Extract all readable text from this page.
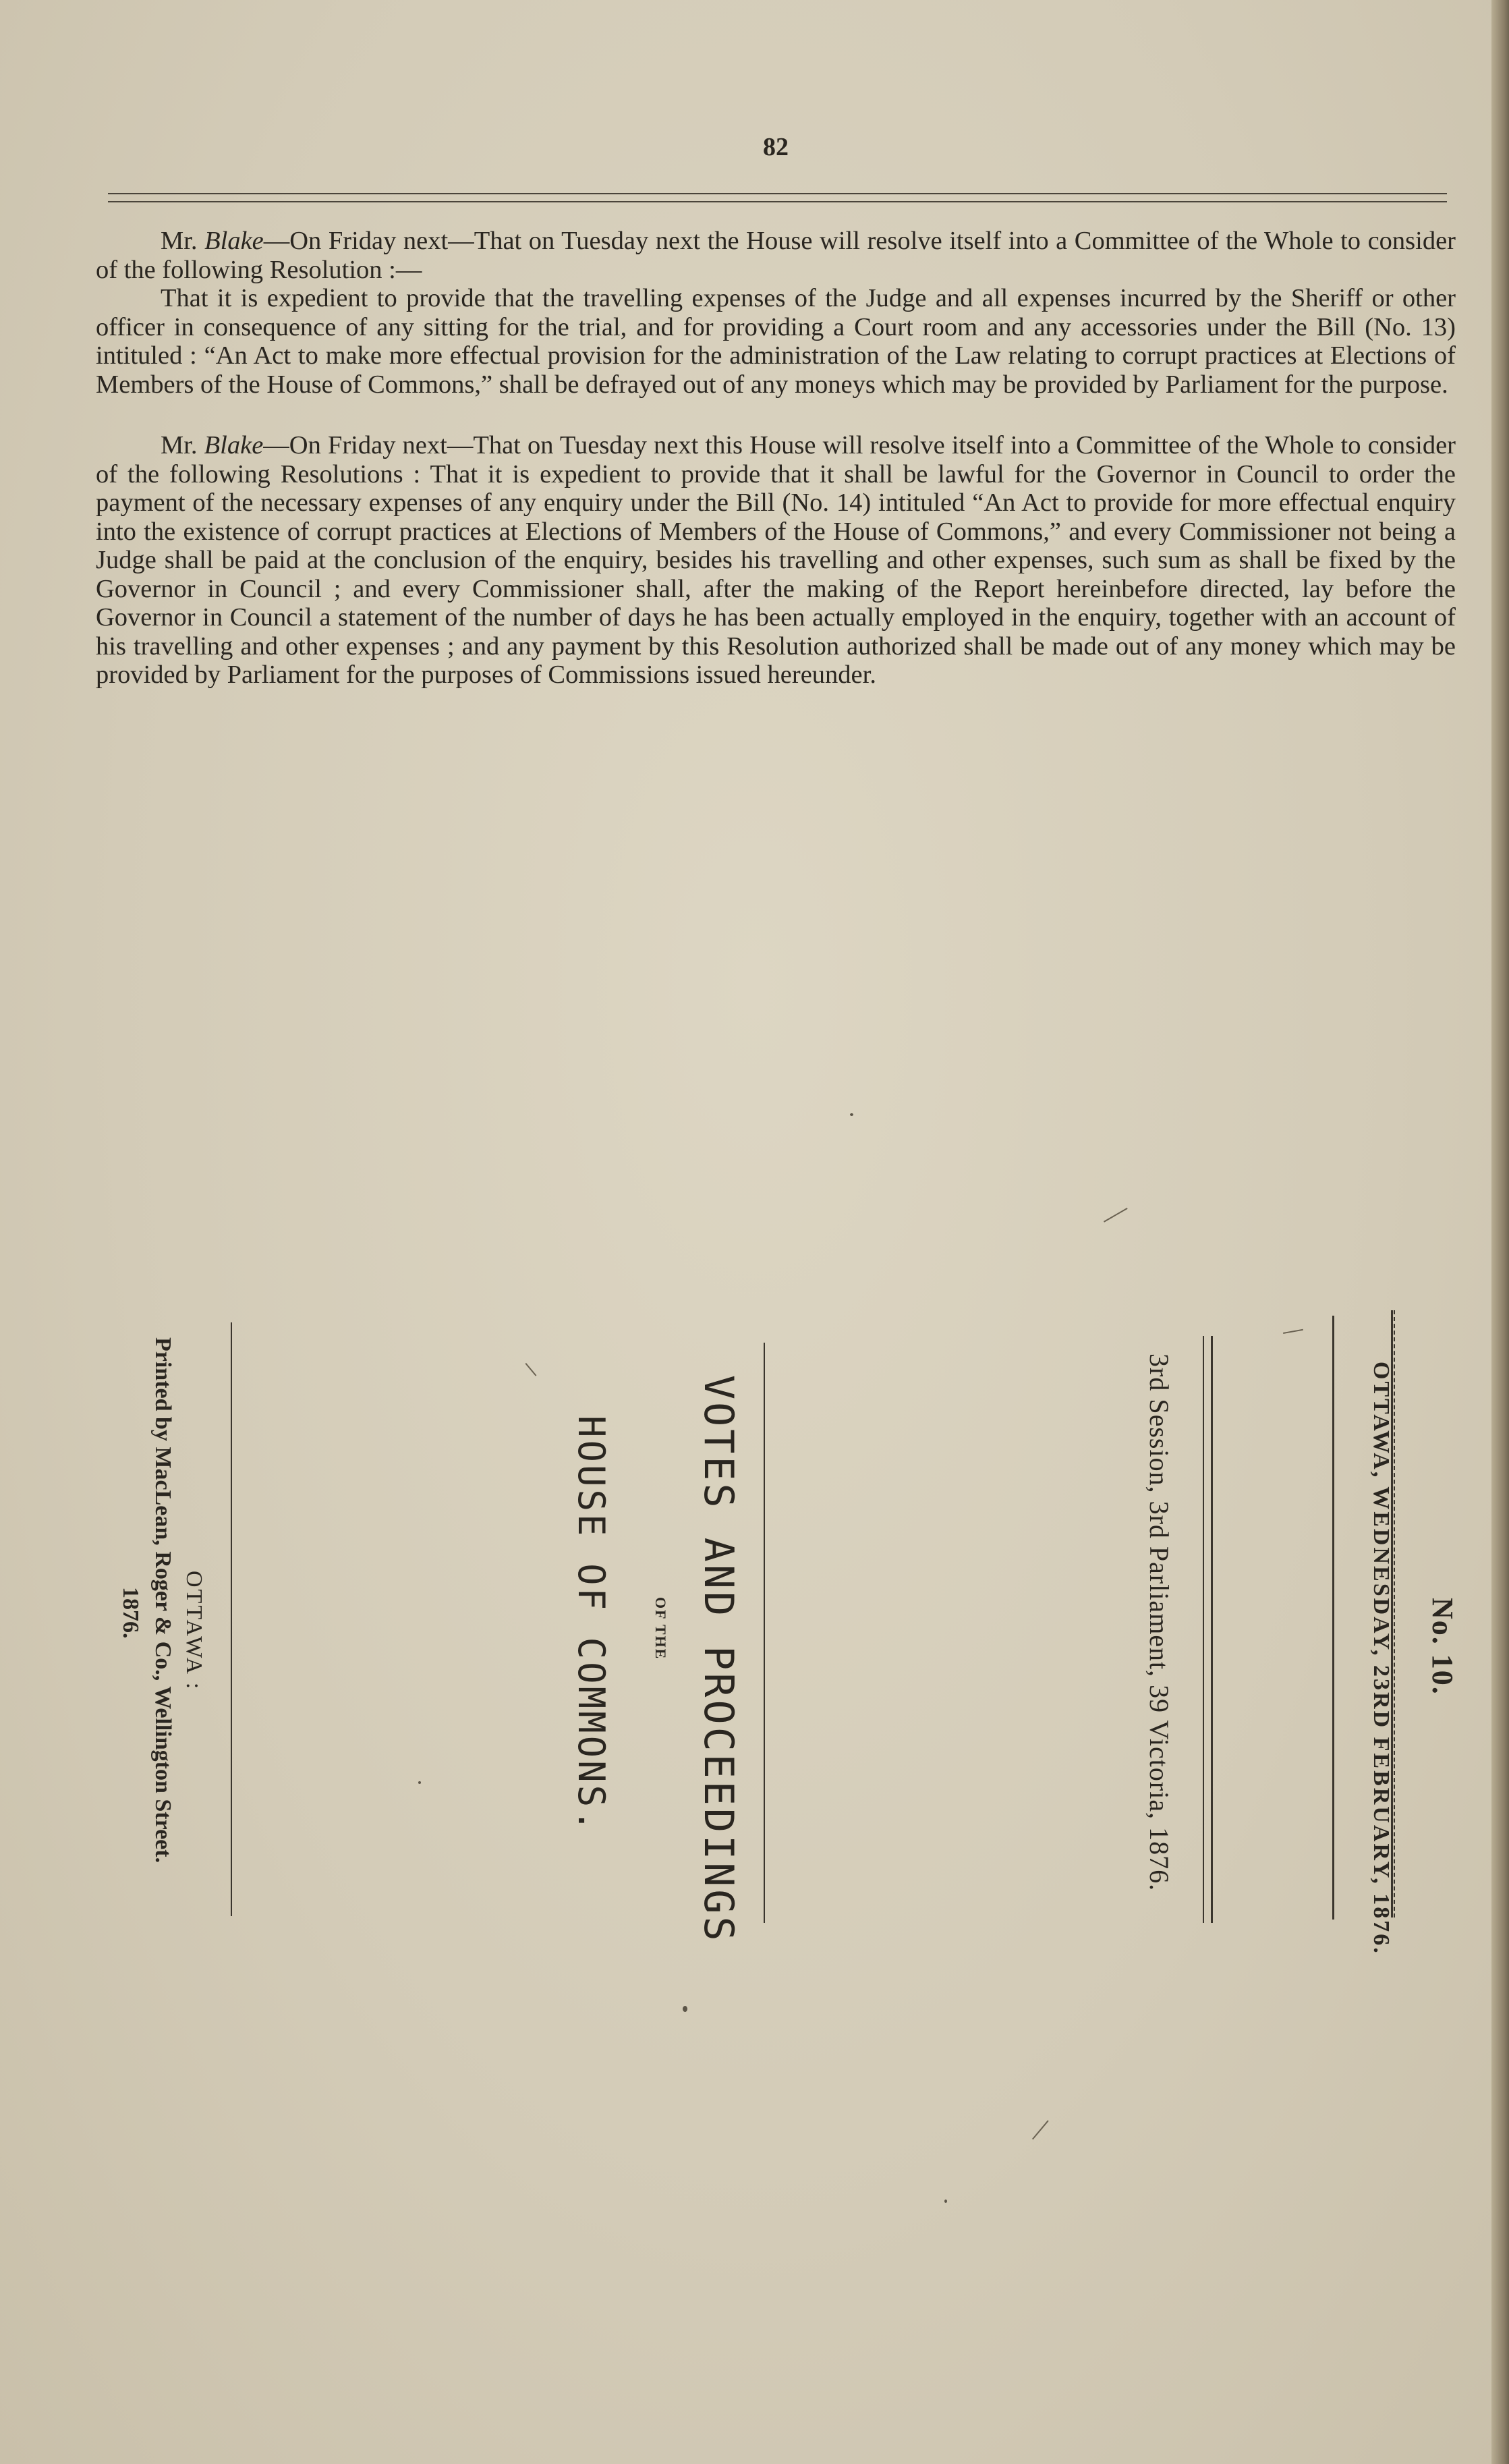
82

Mr. Blake—On Friday next—That on Tuesday next the House will resolve itself into a Committee of the Whole to consider of the following Resolution :—

That it is expedient to provide that the travelling expenses of the Judge and all expenses incurred by the Sheriff or other officer in consequence of any sitting for the trial, and for providing a Court room and any accessories under the Bill (No. 13) intituled : “An Act to make more effectual provision for the administration of the Law relating to corrupt practices at Elections of Members of the House of Commons,” shall be defrayed out of any moneys which may be provided by Parliament for the purpose.

Mr. Blake—On Friday next—That on Tuesday next this House will resolve itself into a Committee of the Whole to consider of the following Resolutions : That it is expedient to provide that it shall be lawful for the Governor in Council to order the payment of the necessary expenses of any enquiry under the Bill (No. 14) intituled “An Act to provide for more effectual enquiry into the existence of corrupt practices at Elections of Members of the House of Commons,” and every Commissioner not being a Judge shall be paid at the conclusion of the enquiry, besides his travelling and other expenses, such sum as shall be fixed by the Governor in Council ; and every Commissioner shall, after the making of the Report hereinbefore directed, lay before the Governor in Council a statement of the number of days he has been actually employed in the enquiry, together with an account of his travelling and other expenses ; and any payment by this Resolution authorized shall be made out of any money which may be provided by Parliament for the purposes of Commissions issued hereunder.

No. 10.
OTTAWA, WEDNESDAY, 23RD FEBRUARY, 1876.
3rd Session, 3rd Parliament, 39 Victoria, 1876.
VOTES AND PROCEEDINGS
OF THE
HOUSE OF COMMONS.
OTTAWA :
Printed by MacLean, Roger & Co., Wellington Street.
1876.
